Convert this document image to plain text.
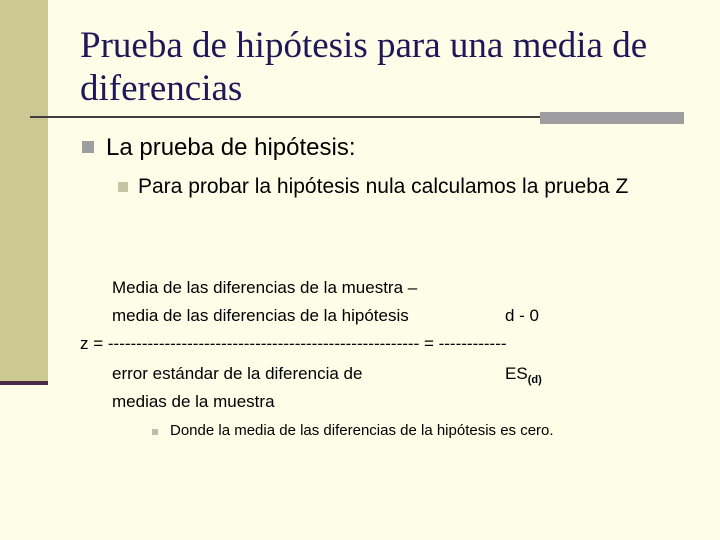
Prueba de hipótesis para una media de diferencias
La prueba de hipótesis:
Para probar la hipótesis nula calculamos la prueba Z
Media de las diferencias de la muestra –
media de las diferencias de la hipótesis	d - 0
z = ------------------------------------------------------- = ------------
error estándar de la diferencia de	$ES_{(d)}$
medias de la muestra
Donde la media de las diferencias de la hipótesis es cero.
